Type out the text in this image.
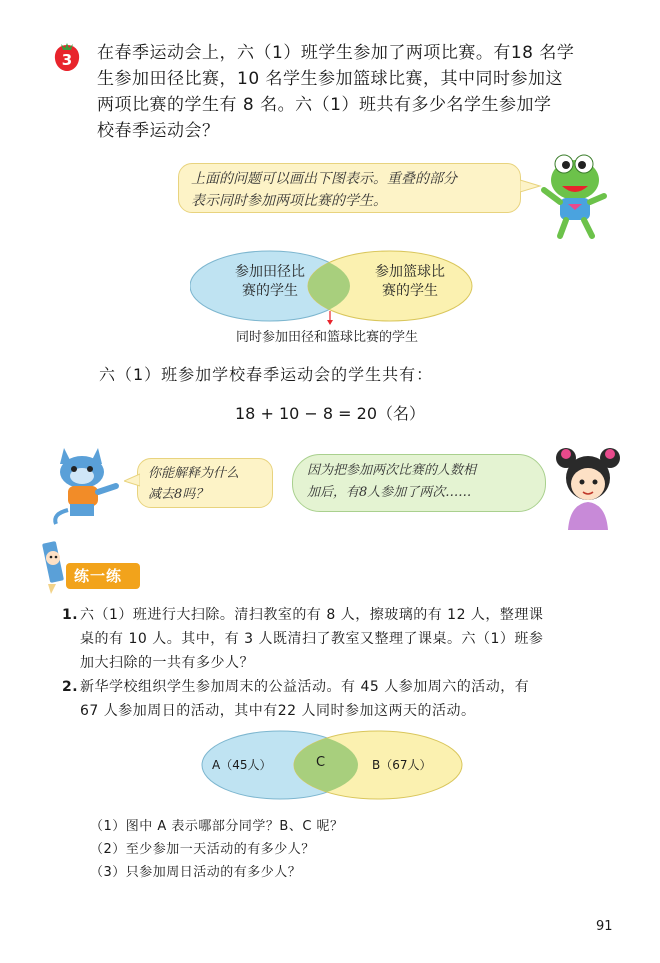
3 在春季运动会上，六（1）班学生参加了两项比赛。有18 名学
生参加田径比赛，10 名学生参加篮球比赛，其中同时参加这
两项比赛的学生有 8 名。六（1）班共有多少名学生参加学
校春季运动会？
上面的问题可以画出下图表示。重叠的部分
表示同时参加两项比赛的学生。
参加田径比
赛的学生
参加篮球比
赛的学生
同时参加田径和篮球比赛的学生
六（1）班参加学校春季运动会的学生共有：
18 + 10 − 8 = 20（名）
你能解释为什么
减去8吗？
因为把参加两次比赛的人数相
加后，有8人参加了两次……
练一练
1. 六（1）班进行大扫除。清扫教室的有 8 人，擦玻璃的有 12 人，整理课
桌的有 10 人。其中，有 3 人既清扫了教室又整理了课桌。六（1）班参
加大扫除的一共有多少人？
2. 新华学校组织学生参加周末的公益活动。有 45 人参加周六的活动，有
67 人参加周日的活动，其中有22 人同时参加这两天的活动。
A（45人）	C	B（67人）
（1）图中 A 表示哪部分同学？B、C 呢？
（2）至少参加一天活动的有多少人？
（3）只参加周日活动的有多少人？
91
